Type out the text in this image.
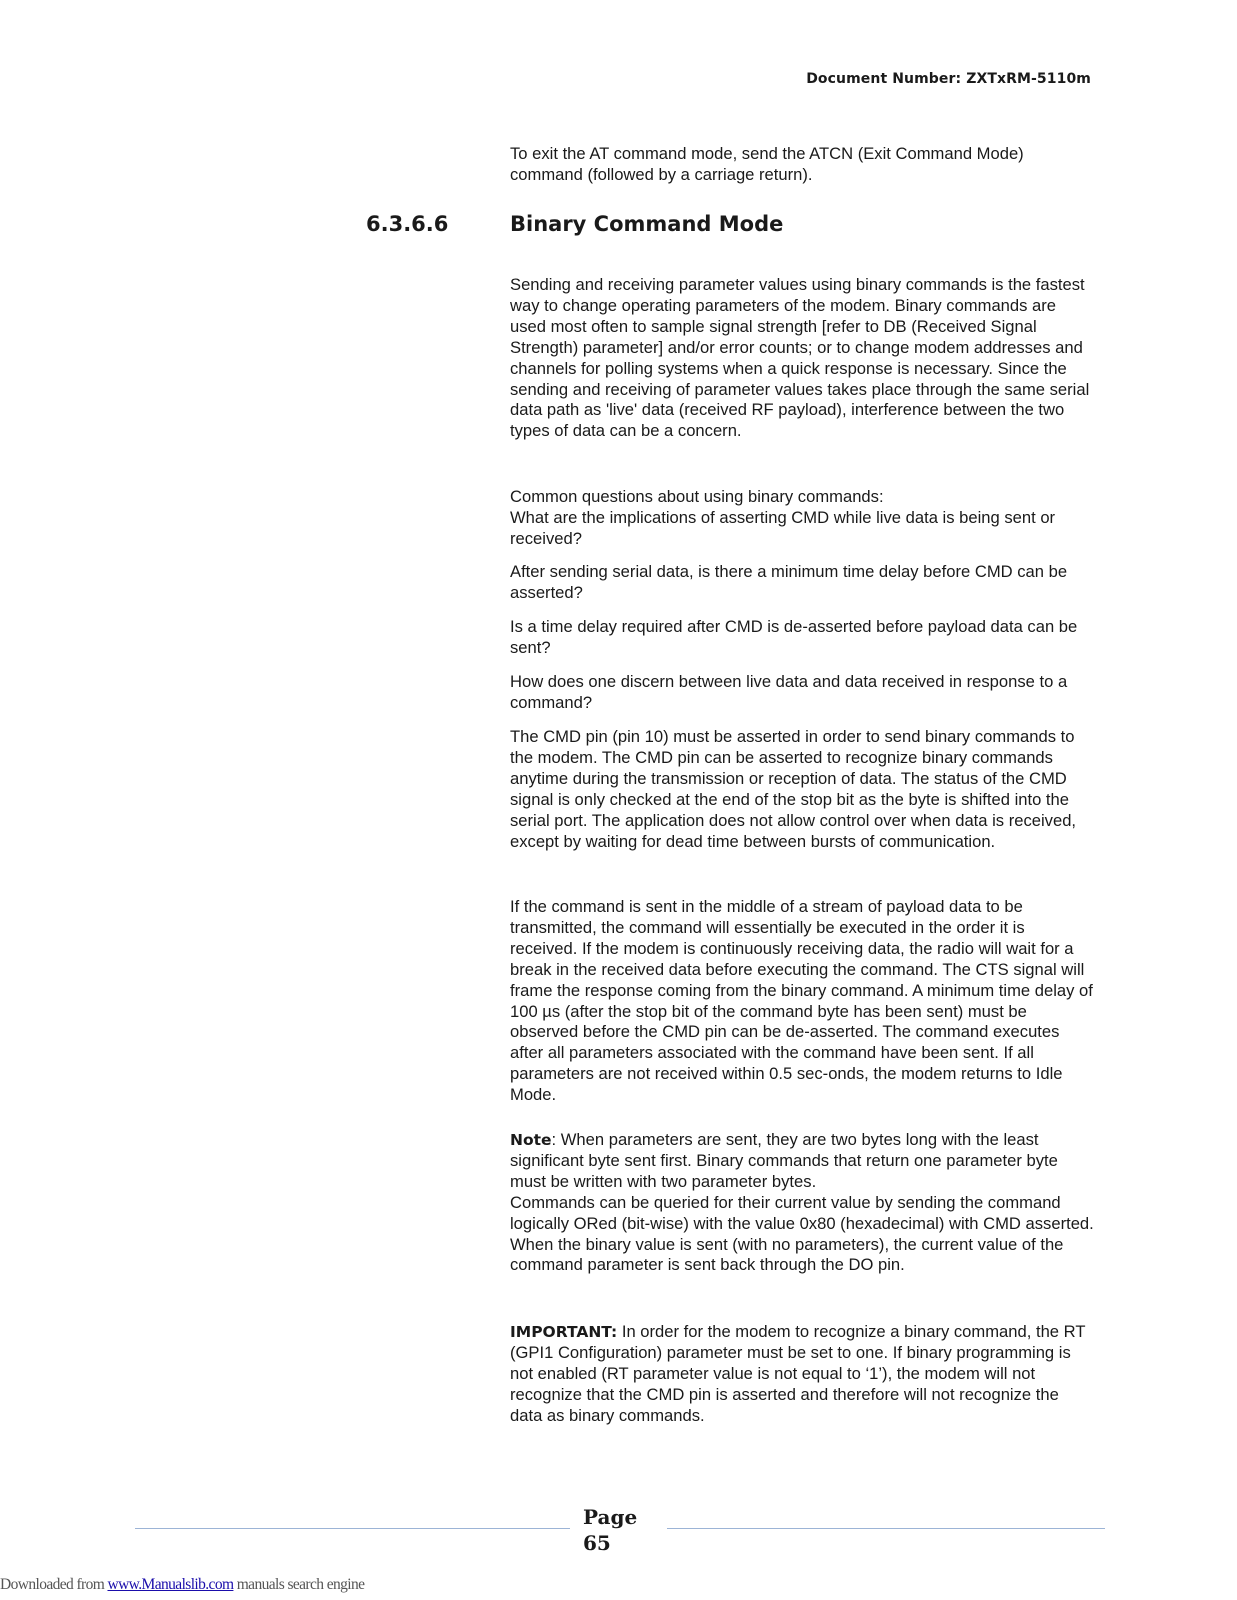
Document Number: ZXTxRM-5110m

To exit the AT command mode, send the ATCN (Exit Command Mode) command (followed by a carriage return).

6.3.6.6	Binary Command Mode

Sending and receiving parameter values using binary commands is the fastest way to change operating parameters of the modem. Binary commands are used most often to sample signal strength [refer to DB (Received Signal Strength) parameter] and/or error counts; or to change modem addresses and channels for polling systems when a quick response is necessary. Since the sending and receiving of parameter values takes place through the same serial data path as 'live' data (received RF payload), interference between the two types of data can be a concern.

Common questions about using binary commands:

What are the implications of asserting CMD while live data is being sent or received?

After sending serial data, is there a minimum time delay before CMD can be asserted?

Is a time delay required after CMD is de-asserted before payload data can be sent?

How does one discern between live data and data received in response to a command?

The CMD pin (pin 10) must be asserted in order to send binary commands to the modem. The CMD pin can be asserted to recognize binary commands anytime during the transmission or reception of data. The status of the CMD signal is only checked at the end of the stop bit as the byte is shifted into the serial port. The application does not allow control over when data is received, except by waiting for dead time between bursts of communication.

If the command is sent in the middle of a stream of payload data to be transmitted, the command will essentially be executed in the order it is received. If the modem is continuously receiving data, the radio will wait for a break in the received data before executing the command. The CTS signal will frame the response coming from the binary command. A minimum time delay of 100 µs (after the stop bit of the command byte has been sent) must be observed before the CMD pin can be de-asserted. The command executes after all parameters associated with the command have been sent. If all parameters are not received within 0.5 sec-onds, the modem returns to Idle Mode.

Note: When parameters are sent, they are two bytes long with the least significant byte sent first. Binary commands that return one parameter byte must be written with two parameter bytes.

Commands can be queried for their current value by sending the command logically ORed (bit-wise) with the value 0x80 (hexadecimal) with CMD asserted. When the binary value is sent (with no parameters), the current value of the command parameter is sent back through the DO pin.

IMPORTANT: In order for the modem to recognize a binary command, the RT (GPI1 Configuration) parameter must be set to one. If binary programming is not enabled (RT parameter value is not equal to ‘1’), the modem will not recognize that the CMD pin is asserted and therefore will not recognize the data as binary commands.

Page
65
Downloaded from www.Manualslib.com manuals search engine
